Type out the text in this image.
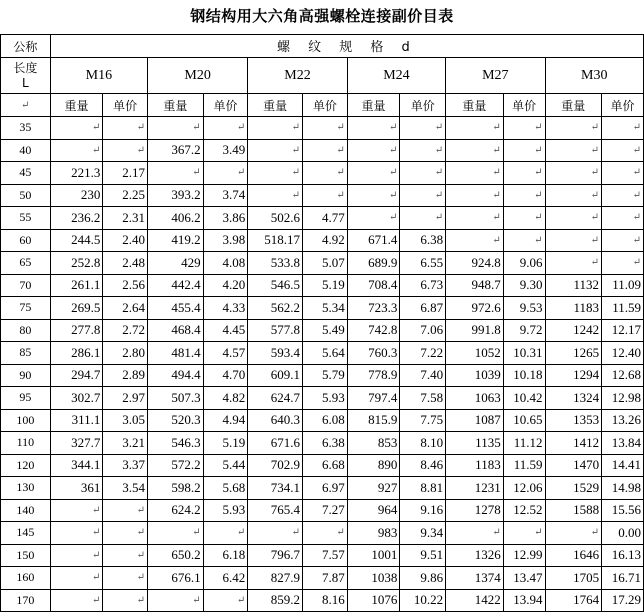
钢结构用大六角高强螺栓连接副价目表
公称	螺 纹 规 格 d											
长度
L	M16		M20		M22		M24		M27		M30	
↵	重量	单价	重量	单价	重量	单价	重量	单价	重量	单价	重量	单价
35	↵	↵	↵	↵	↵	↵	↵	↵	↵	↵	↵	↵
40	↵	↵	367.2	3.49	↵	↵	↵	↵	↵	↵	↵	↵
45	221.3	2.17	↵	↵	↵	↵	↵	↵	↵	↵	↵	↵
50	230	2.25	393.2	3.74	↵	↵	↵	↵	↵	↵	↵	↵
55	236.2	2.31	406.2	3.86	502.6	4.77	↵	↵	↵	↵	↵	↵
60	244.5	2.40	419.2	3.98	518.17	4.92	671.4	6.38	↵	↵	↵	↵
65	252.8	2.48	429	4.08	533.8	5.07	689.9	6.55	924.8	9.06	↵	↵
70	261.1	2.56	442.4	4.20	546.5	5.19	708.4	6.73	948.7	9.30	1132	11.09
75	269.5	2.64	455.4	4.33	562.2	5.34	723.3	6.87	972.6	9.53	1183	11.59
80	277.8	2.72	468.4	4.45	577.8	5.49	742.8	7.06	991.8	9.72	1242	12.17
85	286.1	2.80	481.4	4.57	593.4	5.64	760.3	7.22	1052	10.31	1265	12.40
90	294.7	2.89	494.4	4.70	609.1	5.79	778.9	7.40	1039	10.18	1294	12.68
95	302.7	2.97	507.3	4.82	624.7	5.93	797.4	7.58	1063	10.42	1324	12.98
100	311.1	3.05	520.3	4.94	640.3	6.08	815.9	7.75	1087	10.65	1353	13.26
110	327.7	3.21	546.3	5.19	671.6	6.38	853	8.10	1135	11.12	1412	13.84
120	344.1	3.37	572.2	5.44	702.9	6.68	890	8.46	1183	11.59	1470	14.41
130	361	3.54	598.2	5.68	734.1	6.97	927	8.81	1231	12.06	1529	14.98
140	↵	↵	624.2	5.93	765.4	7.27	964	9.16	1278	12.52	1588	15.56
145	↵	↵	↵	↵	↵	↵	983	9.34	↵	↵	↵	0.00
150	↵	↵	650.2	6.18	796.7	7.57	1001	9.51	1326	12.99	1646	16.13
160	↵	↵	676.1	6.42	827.9	7.87	1038	9.86	1374	13.47	1705	16.71
170	↵	↵	↵	↵	859.2	8.16	1076	10.22	1422	13.94	1764	17.29
